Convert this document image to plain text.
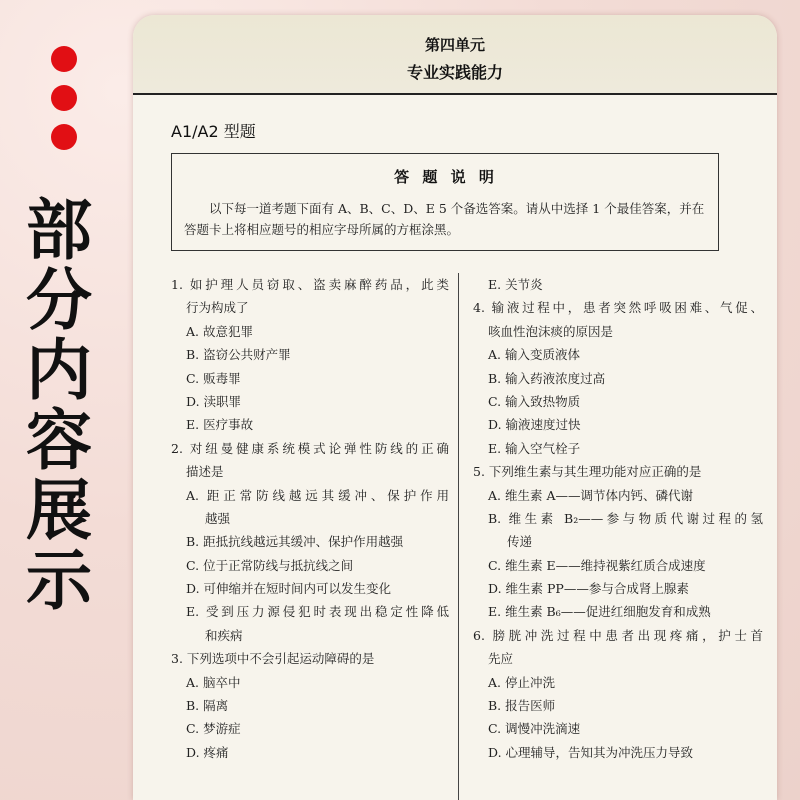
部
分
内
容
展
示
第四单元
专业实践能力
A1/A2 型题
答 题 说 明
以下每一道考题下面有 A、B、C、D、E 5 个备选答案。请从中选择 1 个最佳答案，并在答题卡上将相应题号的相应字母所属的方框涂黑。
1. 如护理人员窃取、盗卖麻醉药品，此类
行为构成了
A. 故意犯罪
B. 盗窃公共财产罪
C. 贩毒罪
D. 渎职罪
E. 医疗事故
2. 对纽曼健康系统模式论弹性防线的正确
描述是
A. 距正常防线越远其缓冲、保护作用
越强
B. 距抵抗线越远其缓冲、保护作用越强
C. 位于正常防线与抵抗线之间
D. 可伸缩并在短时间内可以发生变化
E. 受到压力源侵犯时表现出稳定性降低
和疾病
3. 下列选项中不会引起运动障碍的是
A. 脑卒中
B. 隔离
C. 梦游症
D. 疼痛
E. 关节炎
4. 输液过程中，患者突然呼吸困难、气促、
咳血性泡沫痰的原因是
A. 输入变质液体
B. 输入药液浓度过高
C. 输入致热物质
D. 输液速度过快
E. 输入空气栓子
5. 下列维生素与其生理功能对应正确的是
A. 维生素 A——调节体内钙、磷代谢
B. 维生素 B₂——参与物质代谢过程的氢
传递
C. 维生素 E——维持视紫红质合成速度
D. 维生素 PP——参与合成肾上腺素
E. 维生素 B₆——促进红细胞发育和成熟
6. 膀胱冲洗过程中患者出现疼痛，护士首
先应
A. 停止冲洗
B. 报告医师
C. 调慢冲洗滴速
D. 心理辅导，告知其为冲洗压力导致
